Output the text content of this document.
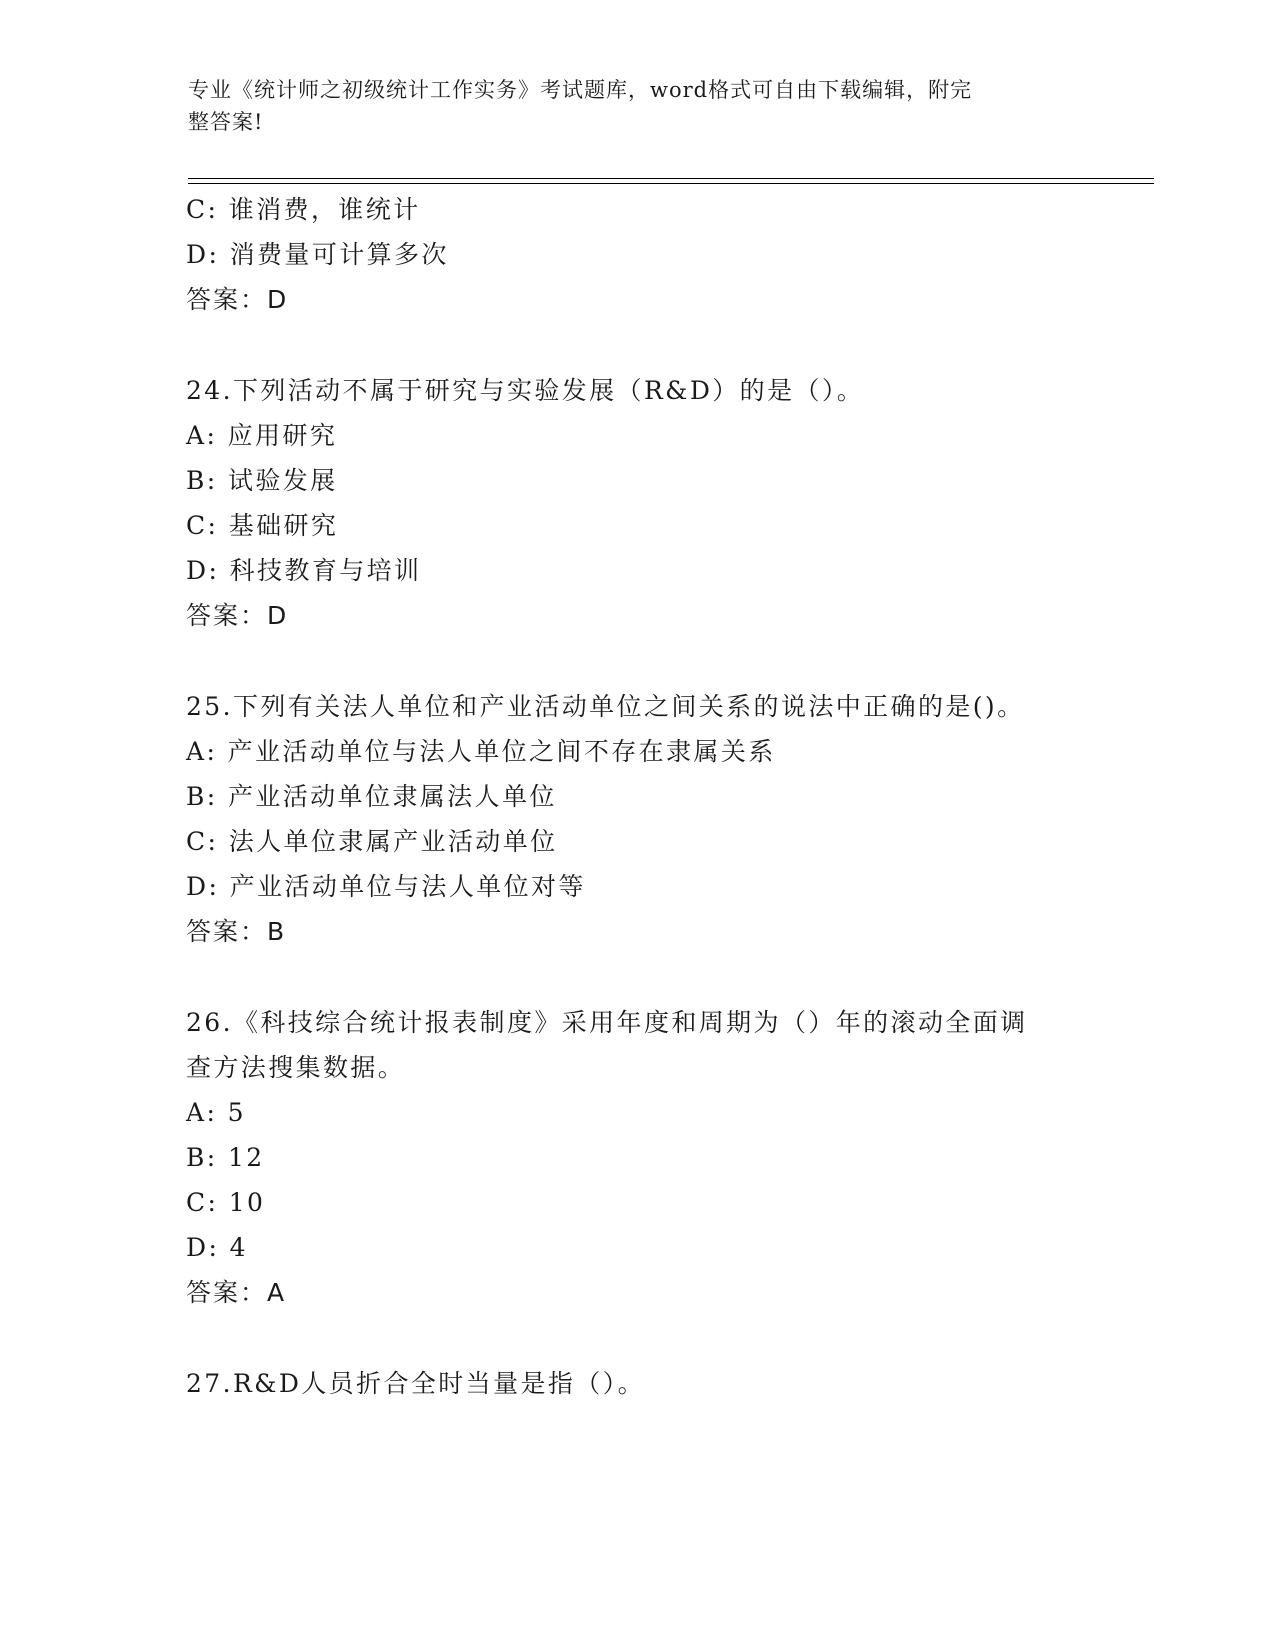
专业《统计师之初级统计工作实务》考试题库，word格式可自由下载编辑，附完
整答案!
C: 谁消费，谁统计
D: 消费量可计算多次
答案：D
24.下列活动不属于研究与实验发展（R&D）的是（）。
A: 应用研究
B: 试验发展
C: 基础研究
D: 科技教育与培训
答案：D
25.下列有关法人单位和产业活动单位之间关系的说法中正确的是()。
A: 产业活动单位与法人单位之间不存在隶属关系
B: 产业活动单位隶属法人单位
C: 法人单位隶属产业活动单位
D: 产业活动单位与法人单位对等
答案：B
26.《科技综合统计报表制度》采用年度和周期为（）年的滚动全面调
查方法搜集数据。
A: 5
B: 12
C: 10
D: 4
答案：A
27.R&D人员折合全时当量是指（）。
